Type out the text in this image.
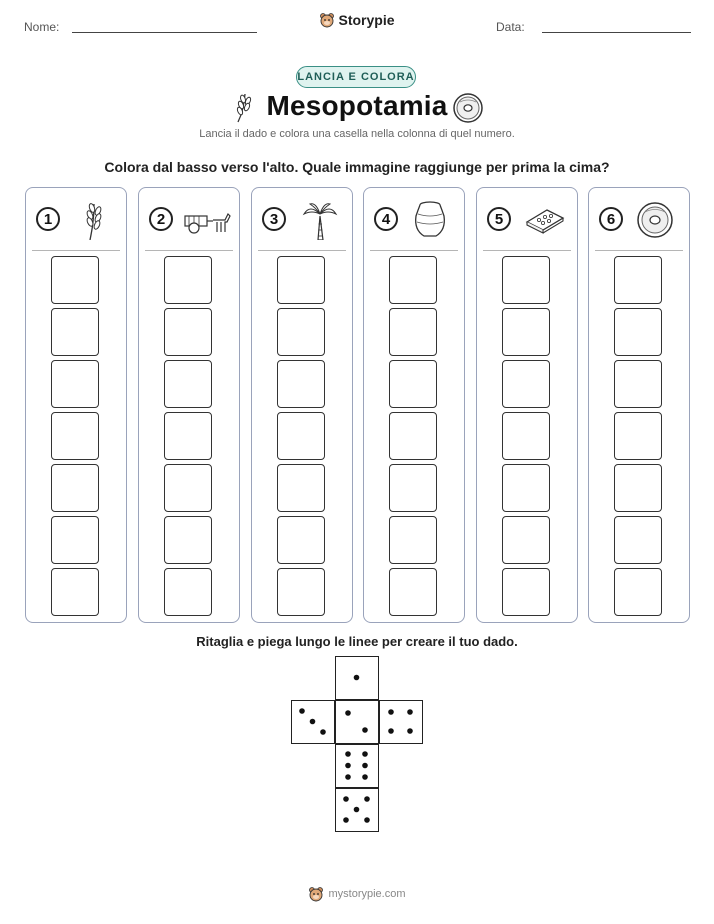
Nome:	Storypie	Data:
LANCIA E COLORA
Mesopotamia
Lancia il dado e colora una casella nella colonna di quel numero.
Colora dal basso verso l'alto. Quale immagine raggiunge per prima la cima?
1	2	3	4	5	6
Ritaglia e piega lungo le linee per creare il tuo dado.
mystorypie.com
